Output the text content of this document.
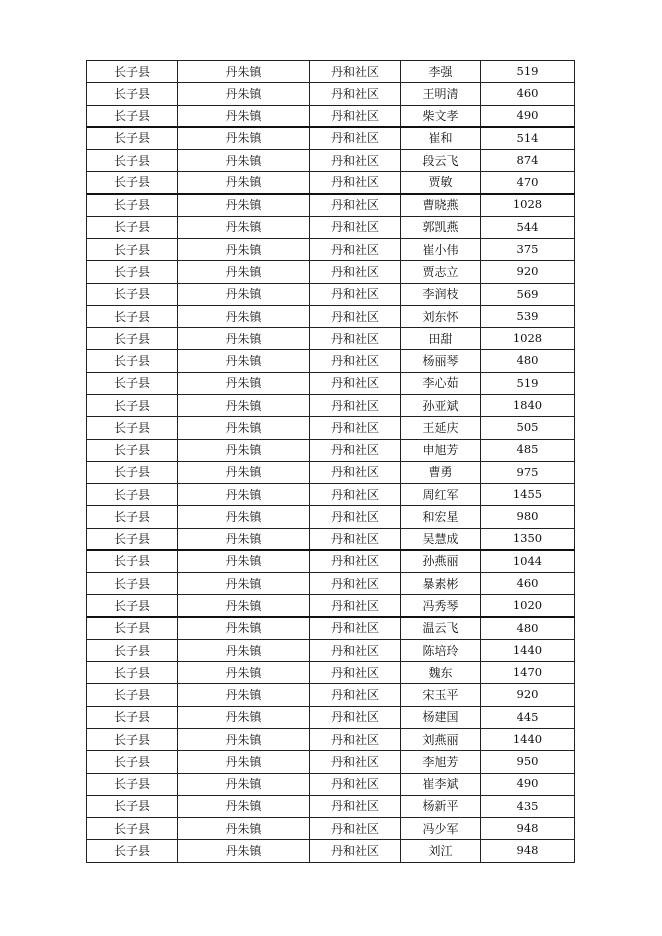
长子县	丹朱镇	丹和社区	李强	519
长子县	丹朱镇	丹和社区	王明清	460
长子县	丹朱镇	丹和社区	柴文孝	490
长子县	丹朱镇	丹和社区	崔和	514
长子县	丹朱镇	丹和社区	段云飞	874
长子县	丹朱镇	丹和社区	贾敏	470
长子县	丹朱镇	丹和社区	曹晓燕	1028
长子县	丹朱镇	丹和社区	郭凯燕	544
长子县	丹朱镇	丹和社区	崔小伟	375
长子县	丹朱镇	丹和社区	贾志立	920
长子县	丹朱镇	丹和社区	李润枝	569
长子县	丹朱镇	丹和社区	刘东怀	539
长子县	丹朱镇	丹和社区	田甜	1028
长子县	丹朱镇	丹和社区	杨丽琴	480
长子县	丹朱镇	丹和社区	李心茹	519
长子县	丹朱镇	丹和社区	孙亚斌	1840
长子县	丹朱镇	丹和社区	王延庆	505
长子县	丹朱镇	丹和社区	申旭芳	485
长子县	丹朱镇	丹和社区	曹勇	975
长子县	丹朱镇	丹和社区	周红军	1455
长子县	丹朱镇	丹和社区	和宏星	980
长子县	丹朱镇	丹和社区	吴慧成	1350
长子县	丹朱镇	丹和社区	孙燕丽	1044
长子县	丹朱镇	丹和社区	暴素彬	460
长子县	丹朱镇	丹和社区	冯秀琴	1020
长子县	丹朱镇	丹和社区	温云飞	480
长子县	丹朱镇	丹和社区	陈培玲	1440
长子县	丹朱镇	丹和社区	魏东	1470
长子县	丹朱镇	丹和社区	宋玉平	920
长子县	丹朱镇	丹和社区	杨建国	445
长子县	丹朱镇	丹和社区	刘燕丽	1440
长子县	丹朱镇	丹和社区	李旭芳	950
长子县	丹朱镇	丹和社区	崔李斌	490
长子县	丹朱镇	丹和社区	杨新平	435
长子县	丹朱镇	丹和社区	冯少军	948
长子县	丹朱镇	丹和社区	刘江	948
